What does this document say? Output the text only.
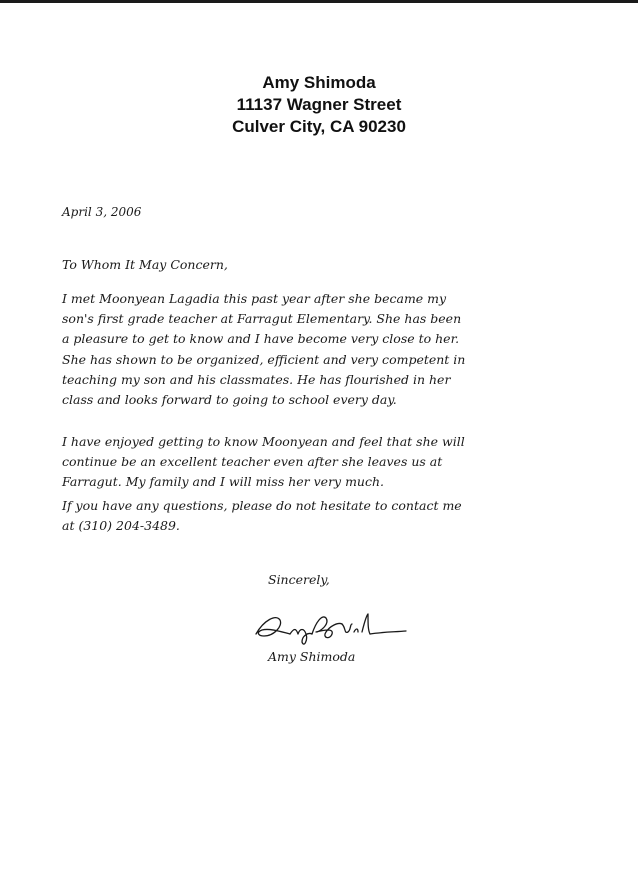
Amy Shimoda
11137 Wagner Street
Culver City, CA 90230
April 3, 2006
To Whom It May Concern,
I met Moonyean Lagadia this past year after she became my
son's first grade teacher at Farragut Elementary. She has been
a pleasure to get to know and I have become very close to her.
She has shown to be organized, efficient and very competent in
teaching my son and his classmates. He has flourished in her
class and looks forward to going to school every day.
I have enjoyed getting to know Moonyean and feel that she will
continue be an excellent teacher even after she leaves us at
Farragut. My family and I will miss her very much.
If you have any questions, please do not hesitate to contact me
at (310) 204-3489.
Sincerely,
Amy Shimoda
